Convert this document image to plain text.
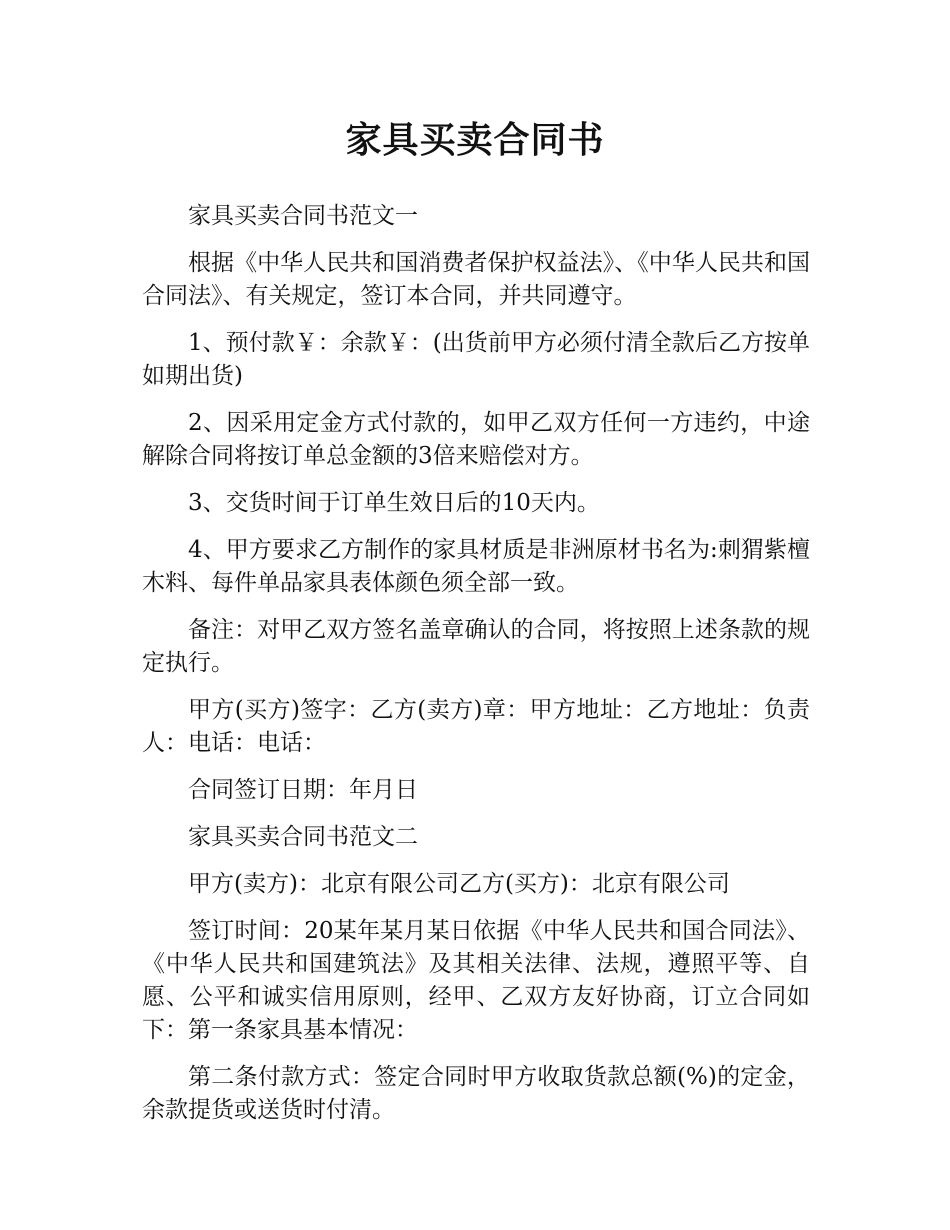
家具买卖合同书

家具买卖合同书范文一

根据《中华人民共和国消费者保护权益法》、《中华人民共和国合同法》、有关规定，签订本合同，并共同遵守。

1、预付款￥：余款￥：(出货前甲方必须付清全款后乙方按单如期出货)

2、因采用定金方式付款的，如甲乙双方任何一方违约，中途解除合同将按订单总金额的3倍来赔偿对方。

3、交货时间于订单生效日后的10天内。

4、甲方要求乙方制作的家具材质是非洲原材书名为:刺猬紫檀木料、每件单品家具表体颜色须全部一致。

备注：对甲乙双方签名盖章确认的合同，将按照上述条款的规定执行。

甲方(买方)签字：乙方(卖方)章：甲方地址：乙方地址：负责人：电话：电话：

合同签订日期：年月日

家具买卖合同书范文二

甲方(卖方)：北京有限公司乙方(买方)：北京有限公司

签订时间：20某年某月某日依据《中华人民共和国合同法》、《中华人民共和国建筑法》及其相关法律、法规，遵照平等、自愿、公平和诚实信用原则，经甲、乙双方友好协商，订立合同如下：第一条家具基本情况：

第二条付款方式：签定合同时甲方收取货款总额(%)的定金，余款提货或送货时付清。
